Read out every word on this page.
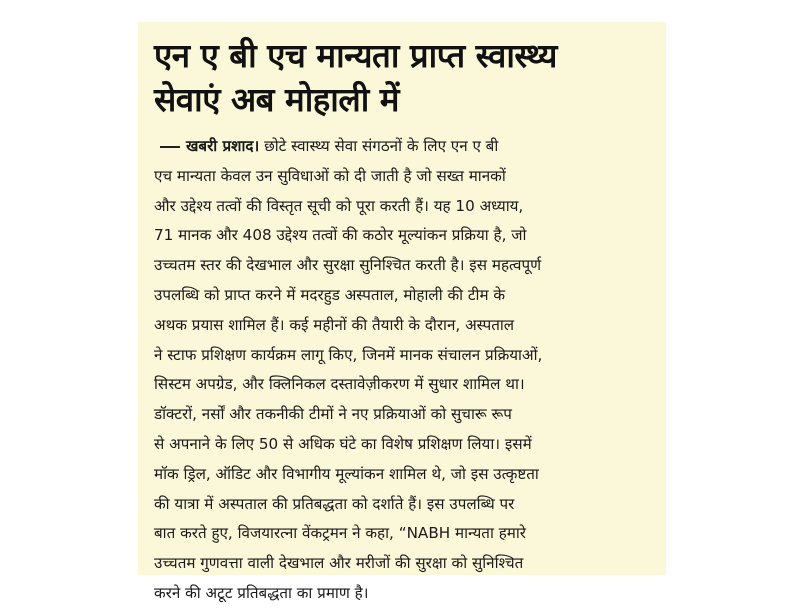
एन ए बी एच मान्यता प्राप्त स्वास्थ्य
सेवाएं अब मोहाली में
खबरी प्रशाद। छोटे स्वास्थ्य सेवा संगठनों के लिए एन ए बी
एच मान्यता केवल उन सुविधाओं को दी जाती है जो सख्त मानकों
और उद्देश्य तत्वों की विस्तृत सूची को पूरा करती हैं। यह 10 अध्याय,
71 मानक और 408 उद्देश्य तत्वों की कठोर मूल्यांकन प्रक्रिया है, जो
उच्चतम स्तर की देखभाल और सुरक्षा सुनिश्चित करती है। इस महत्वपूर्ण
उपलब्धि को प्राप्त करने में मदरहुड अस्पताल, मोहाली की टीम के
अथक प्रयास शामिल हैं। कई महीनों की तैयारी के दौरान, अस्पताल
ने स्टाफ प्रशिक्षण कार्यक्रम लागू किए, जिनमें मानक संचालन प्रक्रियाओं,
सिस्टम अपग्रेड, और क्लिनिकल दस्तावेज़ीकरण में सुधार शामिल था।
डॉक्टरों, नर्सों और तकनीकी टीमों ने नए प्रक्रियाओं को सुचारू रूप
से अपनाने के लिए 50 से अधिक घंटे का विशेष प्रशिक्षण लिया। इसमें
मॉक ड्रिल, ऑडिट और विभागीय मूल्यांकन शामिल थे, जो इस उत्कृष्टता
की यात्रा में अस्पताल की प्रतिबद्धता को दर्शाते हैं। इस उपलब्धि पर
बात करते हुए, विजयारत्ना वेंकट्रमन ने कहा, “NABH मान्यता हमारे
उच्चतम गुणवत्ता वाली देखभाल और मरीजों की सुरक्षा को सुनिश्चित
करने की अटूट प्रतिबद्धता का प्रमाण है।
